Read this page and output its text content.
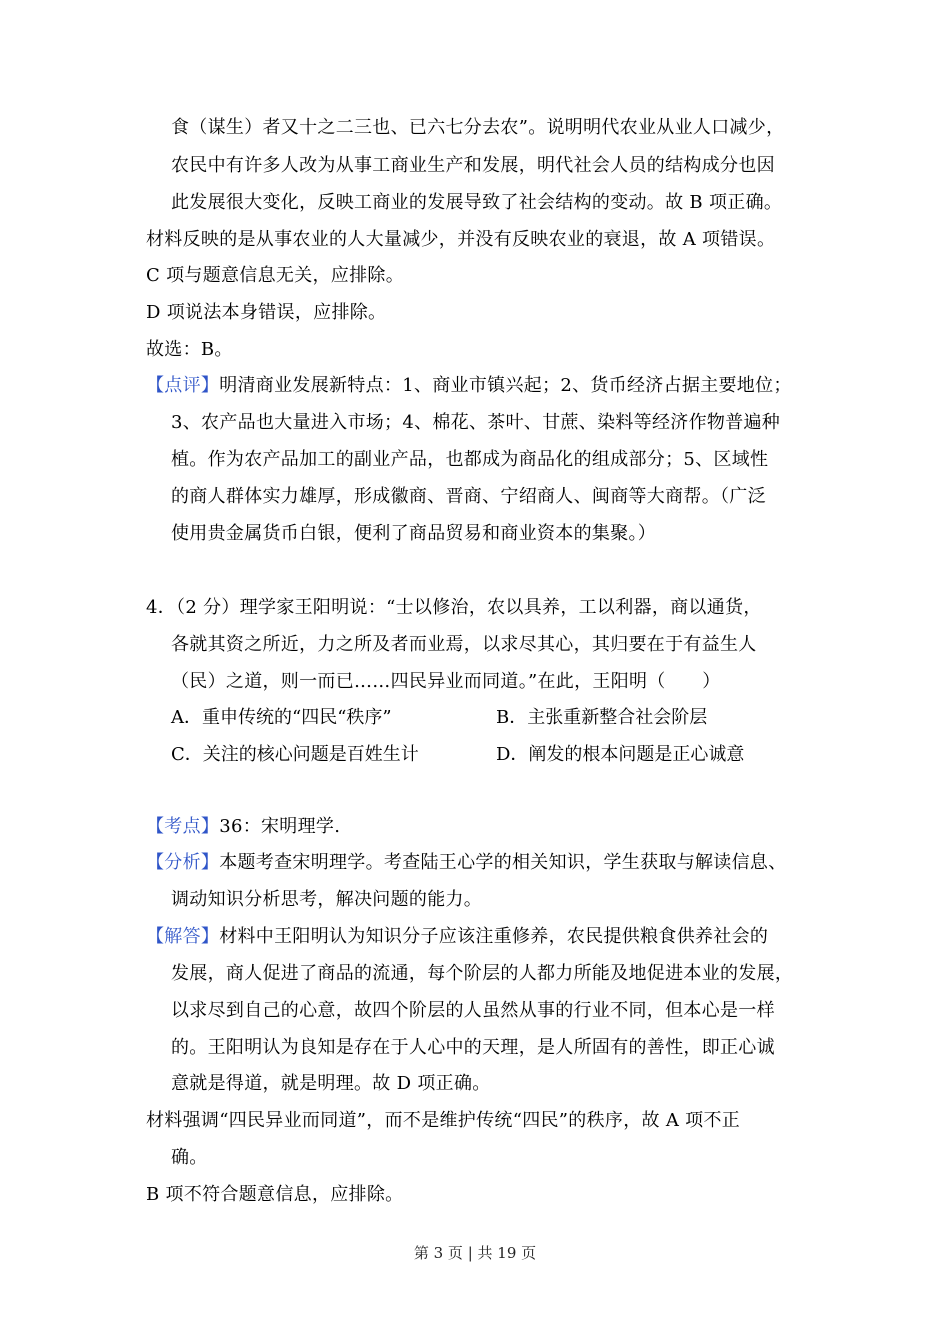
食（谋生）者又十之二三也、已六七分去农”。说明明代农业从业人口减少，
农民中有许多人改为从事工商业生产和发展，明代社会人员的结构成分也因
此发展很大变化，反映工商业的发展导致了社会结构的变动。故 B 项正确。
材料反映的是从事农业的人大量减少，并没有反映农业的衰退，故 A 项错误。
C 项与题意信息无关，应排除。
D 项说法本身错误，应排除。
故选：B。
【点评】明清商业发展新特点：1、商业市镇兴起；2、货币经济占据主要地位；
3、农产品也大量进入市场；4、棉花、茶叶、甘蔗、染料等经济作物普遍种
植。作为农产品加工的副业产品，也都成为商品化的组成部分；5、区域性
的商人群体实力雄厚，形成徽商、晋商、宁绍商人、闽商等大商帮。（广泛
使用贵金属货币白银，便利了商品贸易和商业资本的集聚。）
4．（2 分）理学家王阳明说：“士以修治，农以具养，工以利器，商以通货，
各就其资之所近，力之所及者而业焉，以求尽其心，其归要在于有益生人
（民）之道，则一而已……四民异业而同道。”在此，王阳明（　　）
A．重申传统的“四民“秩序”	B．主张重新整合社会阶层
C．关注的核心问题是百姓生计	D．阐发的根本问题是正心诚意
【考点】36：宋明理学.
【分析】本题考查宋明理学。考查陆王心学的相关知识，学生获取与解读信息、
调动知识分析思考，解决问题的能力。
【解答】材料中王阳明认为知识分子应该注重修养，农民提供粮食供养社会的
发展，商人促进了商品的流通，每个阶层的人都力所能及地促进本业的发展，
以求尽到自己的心意，故四个阶层的人虽然从事的行业不同，但本心是一样
的。王阳明认为良知是存在于人心中的天理，是人所固有的善性，即正心诚
意就是得道，就是明理。故 D 项正确。
材料强调“四民异业而同道”，而不是维护传统“四民”的秩序，故 A 项不正
确。
B 项不符合题意信息，应排除。
第 3 页 | 共 19 页
